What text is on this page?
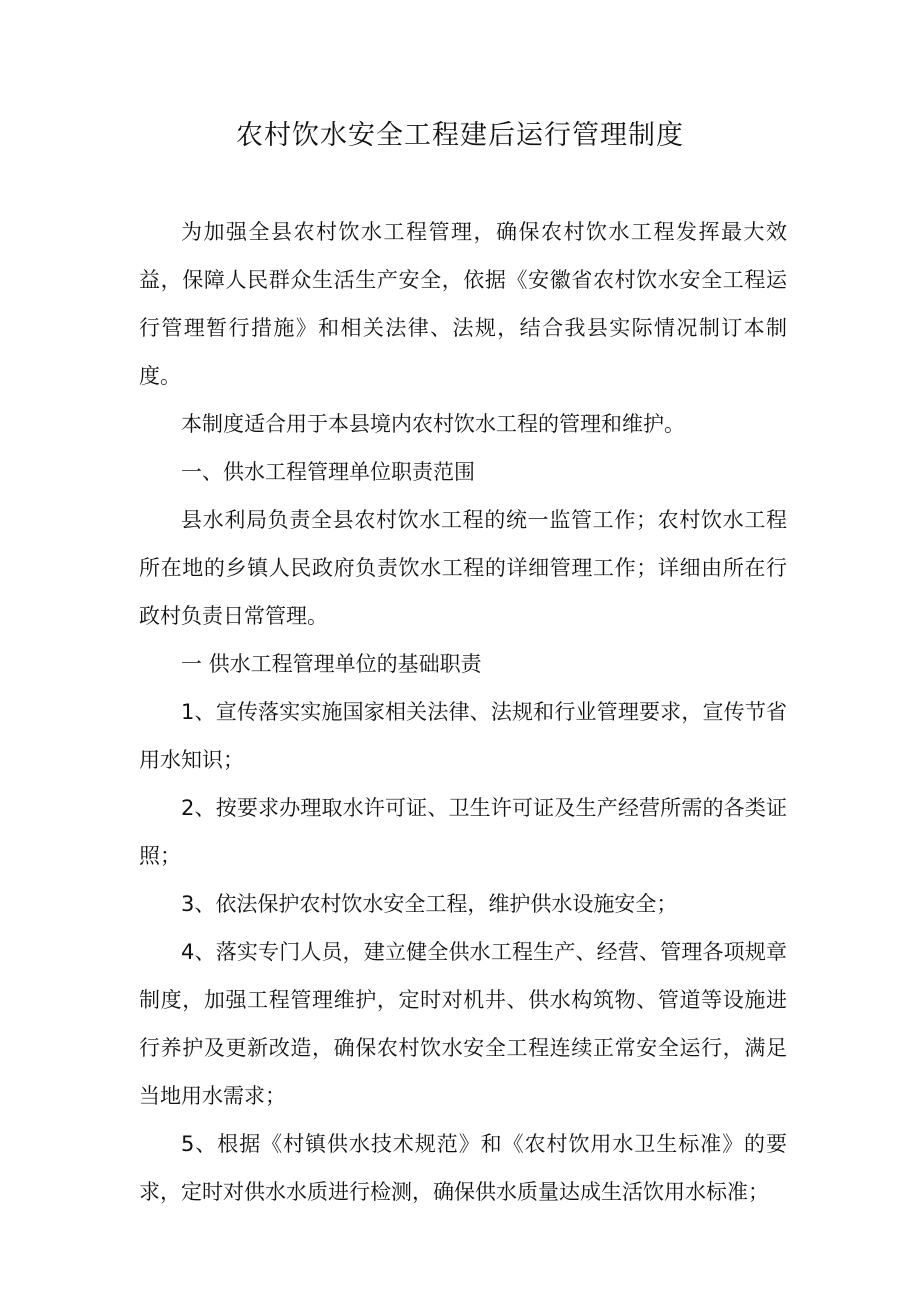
农村饮水安全工程建后运行管理制度

为加强全县农村饮水工程管理，确保农村饮水工程发挥最大效益，保障人民群众生活生产安全，依据《安徽省农村饮水安全工程运行管理暂行措施》和相关法律、法规，结合我县实际情况制订本制度。

本制度适合用于本县境内农村饮水工程的管理和维护。

一、供水工程管理单位职责范围

县水利局负责全县农村饮水工程的统一监管工作；农村饮水工程所在地的乡镇人民政府负责饮水工程的详细管理工作；详细由所在行政村负责日常管理。

一 供水工程管理单位的基础职责

1、宣传落实实施国家相关法律、法规和行业管理要求，宣传节省用水知识；

2、按要求办理取水许可证、卫生许可证及生产经营所需的各类证照；

3、依法保护农村饮水安全工程，维护供水设施安全；

4、落实专门人员，建立健全供水工程生产、经营、管理各项规章制度，加强工程管理维护，定时对机井、供水构筑物、管道等设施进行养护及更新改造，确保农村饮水安全工程连续正常安全运行，满足当地用水需求；

5、根据《村镇供水技术规范》和《农村饮用水卫生标准》的要求，定时对供水水质进行检测，确保供水质量达成生活饮用水标准；
